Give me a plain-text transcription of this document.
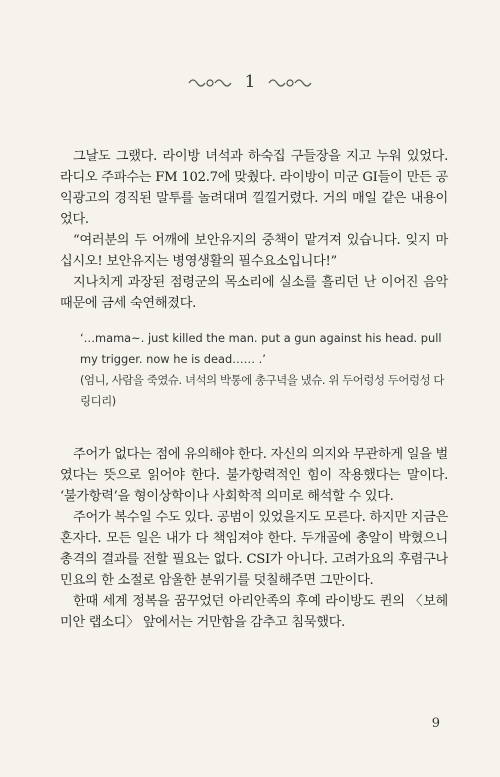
1

그날도 그랬다. 라이방 녀석과 하숙집 구들장을 지고 누워 있었다. 라디오 주파수는 FM 102.7에 맞췄다. 라이방이 미군 GI들이 만든 공익광고의 경직된 말투를 놀려대며 낄낄거렸다. 거의 매일 같은 내용이었다.

“여러분의 두 어깨에 보안유지의 중책이 맡겨져 있습니다. 잊지 마십시오! 보안유지는 병영생활의 필수요소입니다!”

지나치게 과장된 점령군의 목소리에 실소를 흘리던 난 이어진 음악 때문에 금세 숙연해졌다.

‘…mama~. just killed the man. put a gun against his head. pull my trigger. now he is dead…… .’

(엄니, 사람을 죽였슈. 녀석의 박통에 총구녁을 냈슈. 위 두어렁성 두어렁성 다링디리)

주어가 없다는 점에 유의해야 한다. 자신의 의지와 무관하게 일을 벌였다는 뜻으로 읽어야 한다. 불가항력적인 힘이 작용했다는 말이다. ‘불가항력’을 형이상학이나 사회학적 의미로 해석할 수 있다.

주어가 복수일 수도 있다. 공범이 있었을지도 모른다. 하지만 지금은 혼자다. 모든 일은 내가 다 책임져야 한다. 두개골에 총알이 박혔으니 총격의 결과를 전할 필요는 없다. CSI가 아니다. 고려가요의 후렴구나 민요의 한 소절로 암울한 분위기를 덧칠해주면 그만이다.

한때 세계 정복을 꿈꾸었던 아리안족의 후예 라이방도 퀸의 〈보헤미안 랩소디〉 앞에서는 거만함을 감추고 침묵했다.

9
